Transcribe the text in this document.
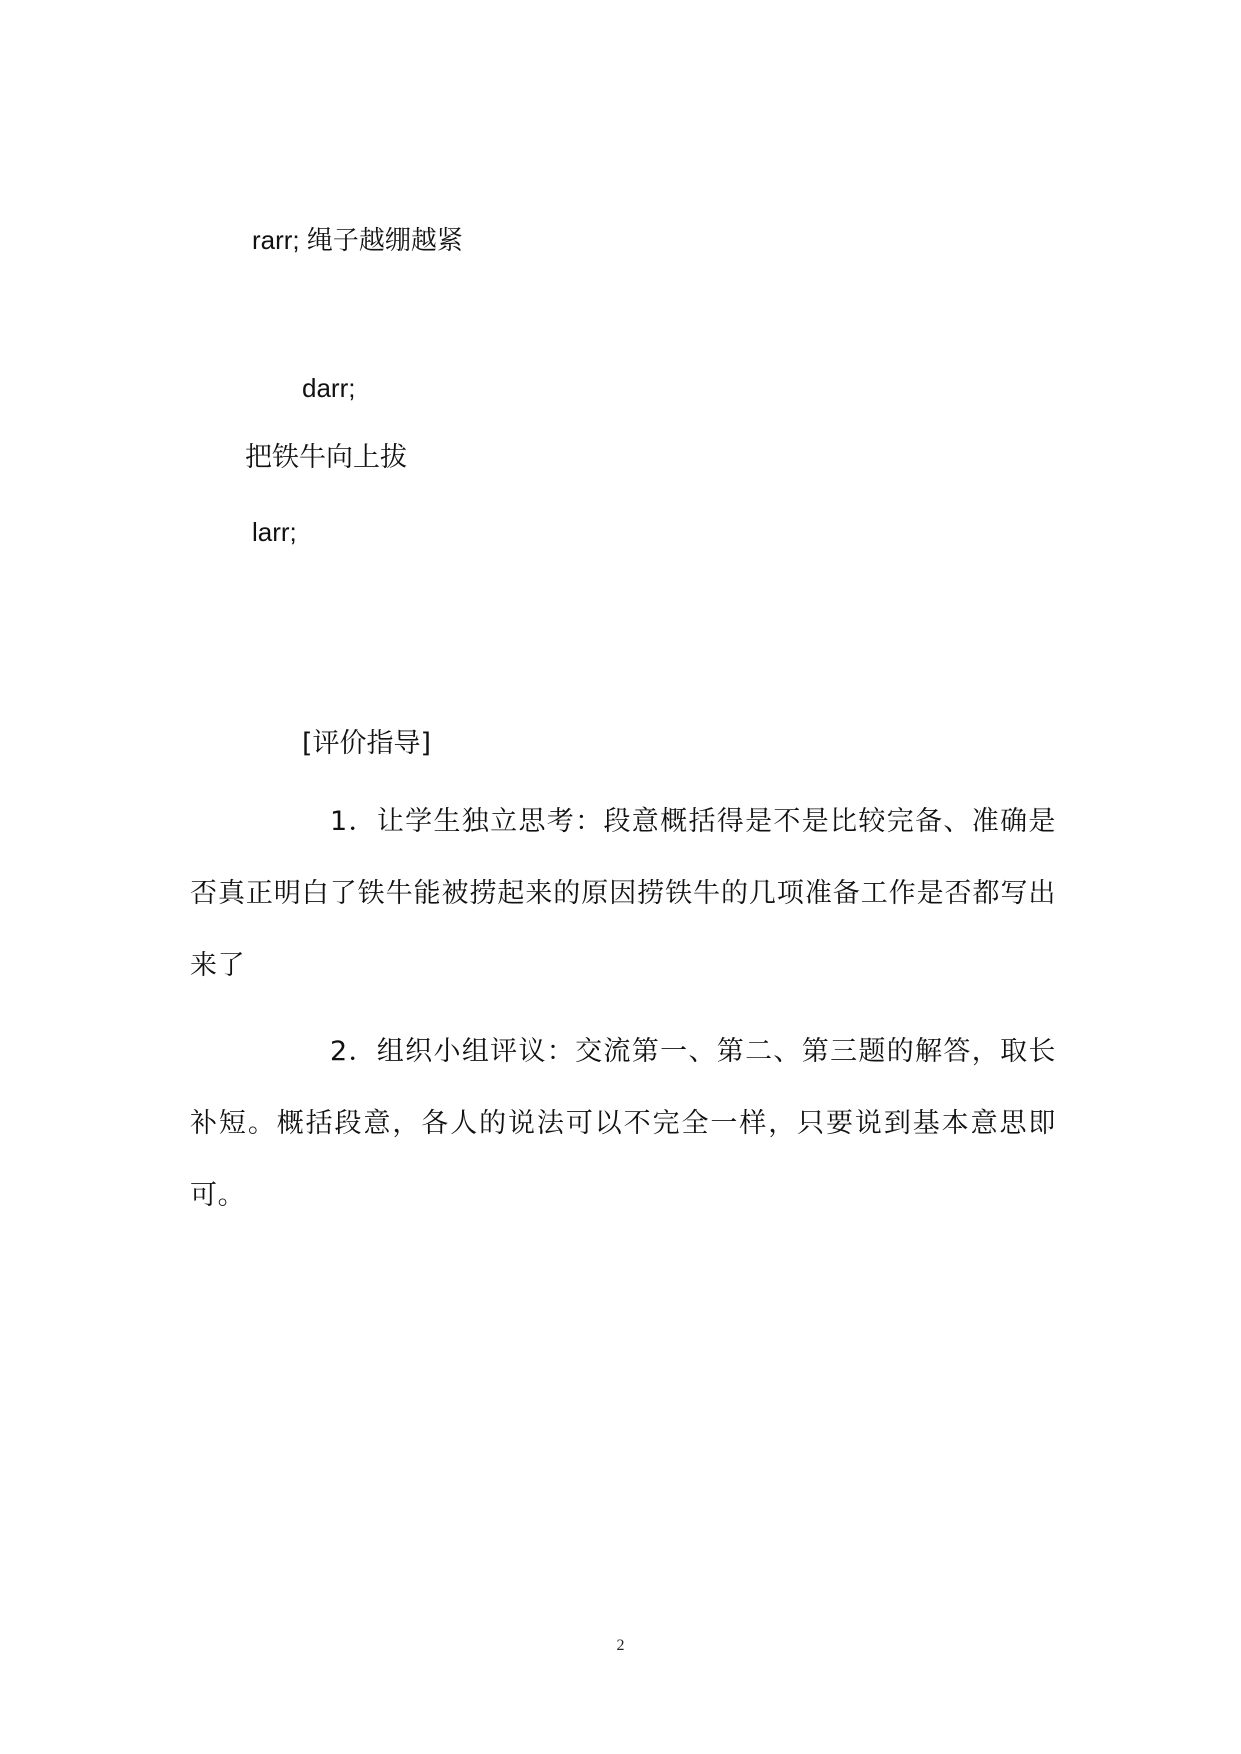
rarr; 绳子越绷越紧
darr;
把铁牛向上拔
larr;
[评价指导]
1．让学生独立思考：段意概括得是不是比较完备、准确是否真正明白了铁牛能被捞起来的原因捞铁牛的几项准备工作是否都写出来了
2．组织小组评议：交流第一、第二、第三题的解答，取长补短。概括段意，各人的说法可以不完全一样，只要说到基本意思即可。
2
